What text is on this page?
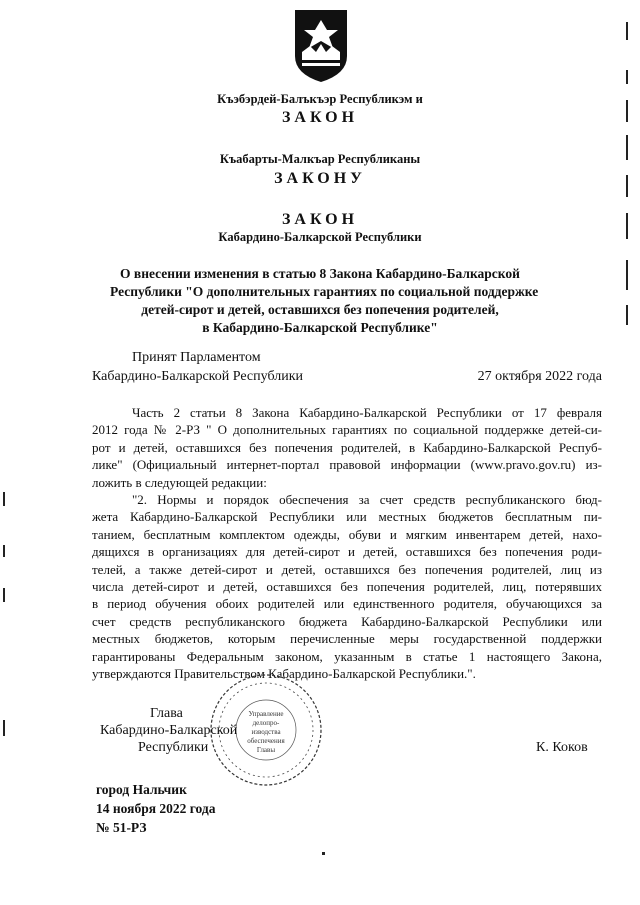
Къэбэрдей-Балъкъэр Республикэм и
ЗАКОН
Къабарты-Малкъар Республиканы
ЗАКОНУ
ЗАКОН
Кабардино-Балкарской Республики
О внесении изменения в статью 8 Закона Кабардино-Балкарской
Республики "О дополнительных гарантиях по социальной поддержке
детей-сирот и детей, оставшихся без попечения родителей,
в Кабардино-Балкарской Республике"
Принят Парламентом
Кабардино-Балкарской Республики	27 октября 2022 года

Часть 2 статьи 8 Закона Кабардино-Балкарской Республики от 17 февраля
2012 года № 2-РЗ " О дополнительных гарантиях по социальной поддержке детей-си-
рот и детей, оставшихся без попечения родителей, в Кабардино-Балкарской Респуб-
лике" (Официальный интернет-портал правовой информации (www.pravo.gov.ru) из-
ложить в следующей редакции:

"2. Нормы и порядок обеспечения за счет средств республиканского бюд-
жета Кабардино-Балкарской Республики или местных бюджетов бесплатным пи-
танием, бесплатным комплектом одежды, обуви и мягким инвентарем детей, нахо-
дящихся в организациях для детей-сирот и детей, оставшихся без попечения роди-
телей, а также детей-сирот и детей, оставшихся без попечения родителей, лиц из
числа детей-сирот и детей, оставшихся без попечения родителей, лиц, потерявших
в период обучения обоих родителей или единственного родителя, обучающихся за
счет средств республиканского бюджета Кабардино-Балкарской Республики или
местных бюджетов, которым перечисленные меры государственной поддержки
гарантированы Федеральным законом, указанным в статье 1 настоящего Закона,
утверждаются Правительством Кабардино-Балкарской Республики.".

Управление
делопро-
изводства
обеспечения
Главы
Глава
Кабардино-Балкарской
Республики	К. Коков
город Нальчик
14 ноября 2022 года
№ 51-РЗ
